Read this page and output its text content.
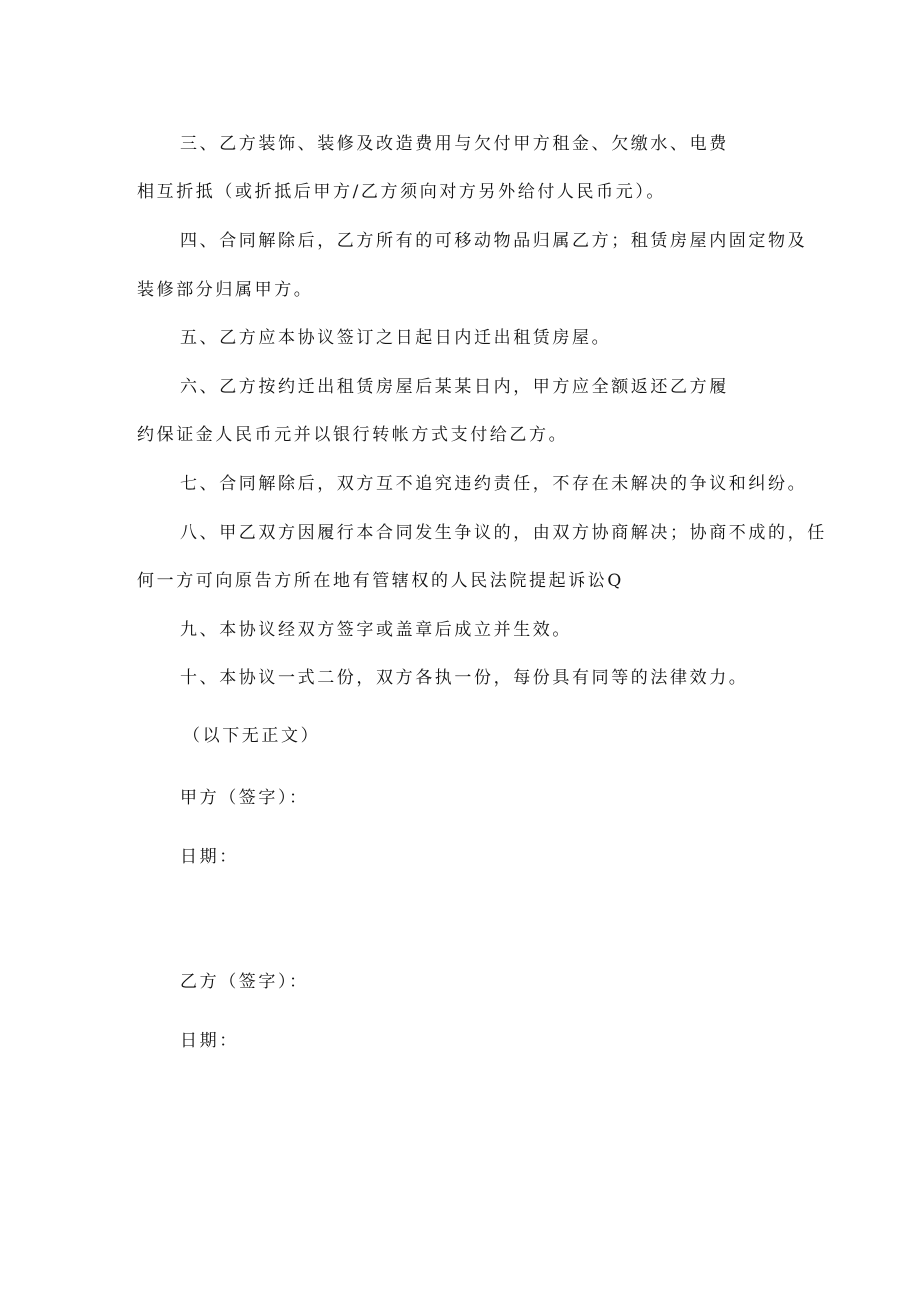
三、乙方装饰、装修及改造费用与欠付甲方租金、欠缴水、电费

相互折抵（或折抵后甲方/乙方须向对方另外给付人民币元）。

四、合同解除后，乙方所有的可移动物品归属乙方；租赁房屋内固定物及

装修部分归属甲方。

五、乙方应本协议签订之日起日内迁出租赁房屋。

六、乙方按约迁出租赁房屋后某某日内，甲方应全额返还乙方履

约保证金人民币元并以银行转帐方式支付给乙方。

七、合同解除后，双方互不追究违约责任，不存在未解决的争议和纠纷。

八、甲乙双方因履行本合同发生争议的，由双方协商解决；协商不成的，任

何一方可向原告方所在地有管辖权的人民法院提起诉讼Q

九、本协议经双方签字或盖章后成立并生效。

十、本协议一式二份，双方各执一份，每份具有同等的法律效力。

（以下无正文）

甲方（签字）：

日期：

乙方（签字）：

日期：
